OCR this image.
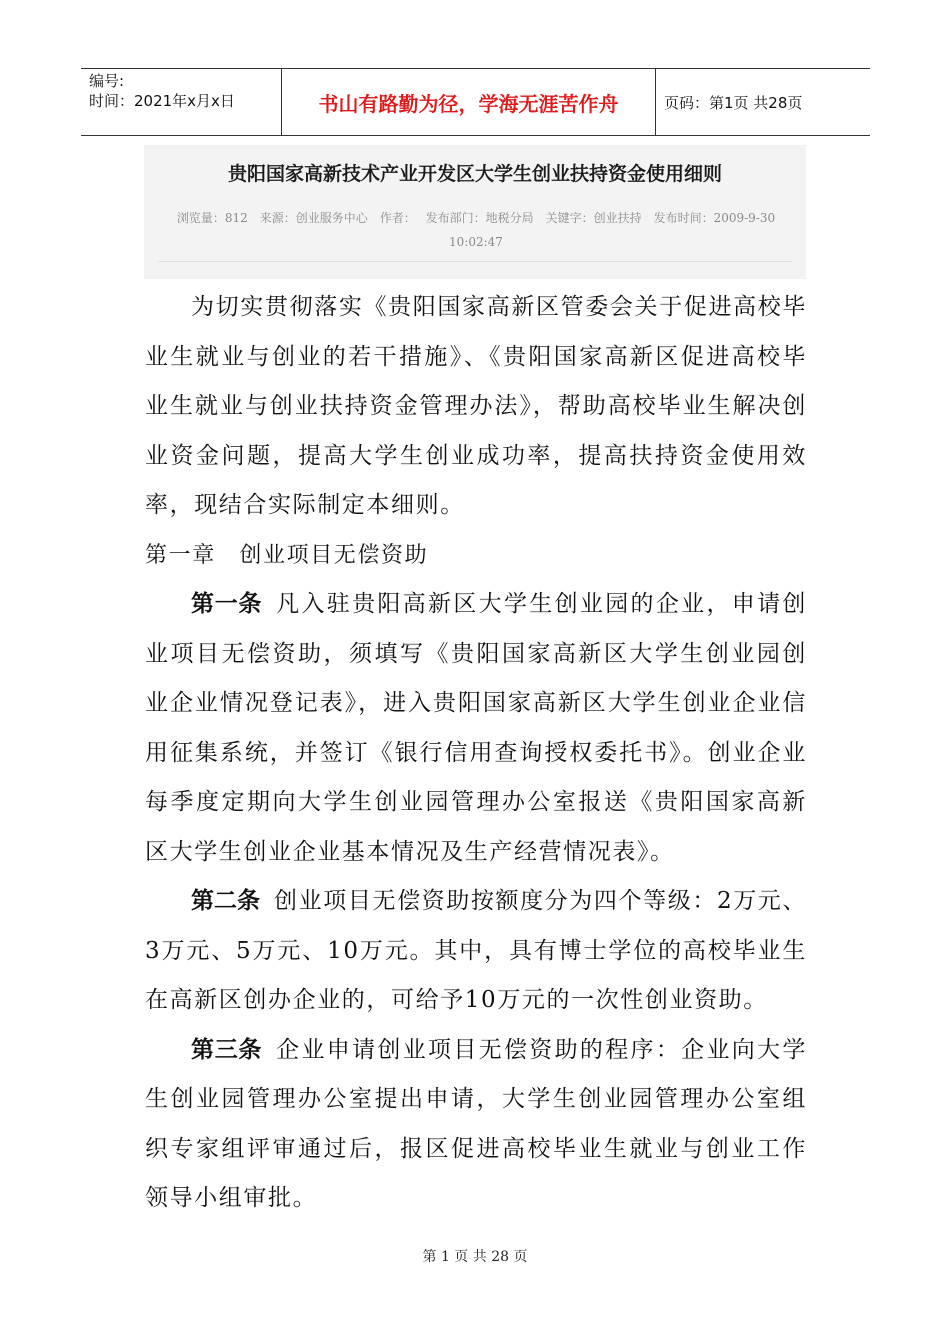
编号:
时间：2021年x月x日	书山有路勤为径，学海无涯苦作舟	页码：第1页 共28页
贵阳国家高新技术产业开发区大学生创业扶持资金使用细则
浏览量：812　来源：创业服务中心　作者：　 发布部门：地税分局　关键字：创业扶持　发布时间：2009-9-30
10:02:47

为切实贯彻落实《贵阳国家高新区管委会关于促进高校毕业生就业与创业的若干措施》、《贵阳国家高新区促进高校毕业生就业与创业扶持资金管理办法》，帮助高校毕业生解决创业资金问题，提高大学生创业成功率，提高扶持资金使用效率，现结合实际制定本细则。

第一章　创业项目无偿资助

第一条 凡入驻贵阳高新区大学生创业园的企业，申请创业项目无偿资助，须填写《贵阳国家高新区大学生创业园创业企业情况登记表》，进入贵阳国家高新区大学生创业企业信用征集系统，并签订《银行信用查询授权委托书》。创业企业每季度定期向大学生创业园管理办公室报送《贵阳国家高新区大学生创业企业基本情况及生产经营情况表》。

第二条 创业项目无偿资助按额度分为四个等级：2万元、3万元、5万元、10万元。其中，具有博士学位的高校毕业生在高新区创办企业的，可给予10万元的一次性创业资助。

第三条 企业申请创业项目无偿资助的程序：企业向大学生创业园管理办公室提出申请，大学生创业园管理办公室组织专家组评审通过后，报区促进高校毕业生就业与创业工作领导小组审批。

第 1 页 共 28 页
